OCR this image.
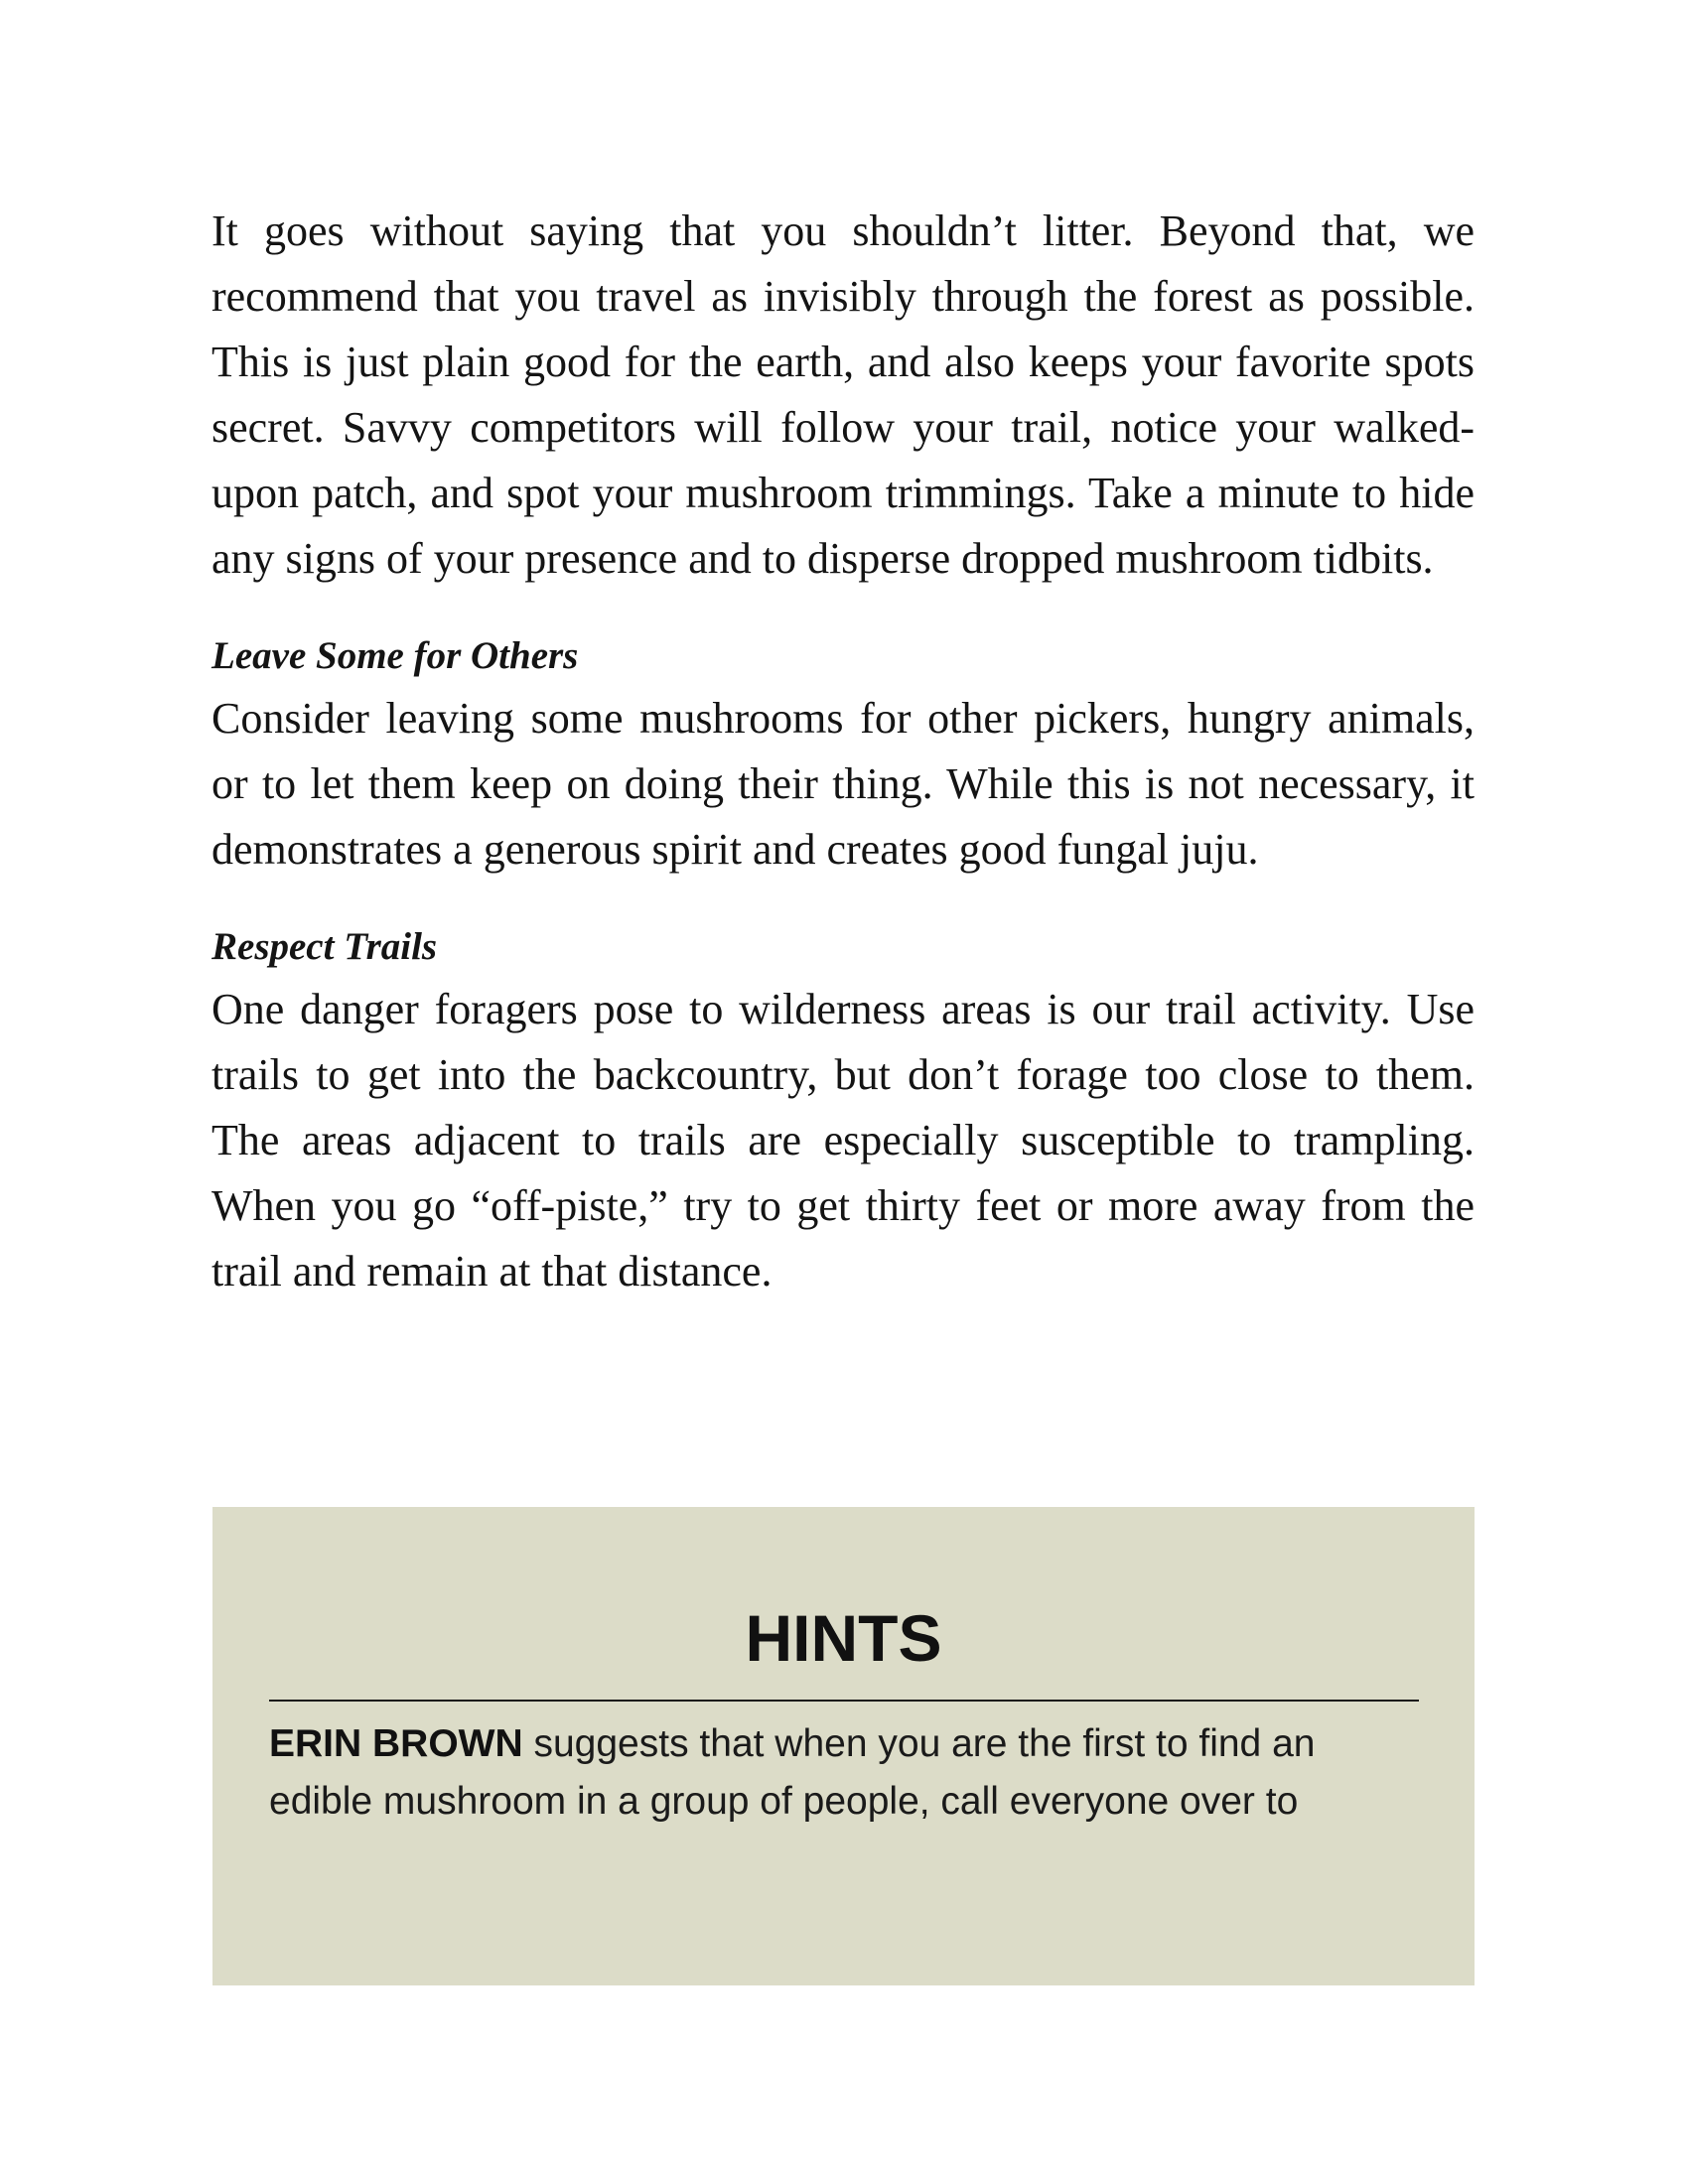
It goes without saying that you shouldn’t litter. Beyond that, we recommend that you travel as invisibly through the forest as possible. This is just plain good for the earth, and also keeps your favorite spots secret. Savvy competitors will follow your trail, notice your walked-upon patch, and spot your mushroom trimmings. Take a minute to hide any signs of your presence and to disperse dropped mushroom tidbits.

Leave Some for Others

Consider leaving some mushrooms for other pickers, hungry animals, or to let them keep on doing their thing. While this is not necessary, it demonstrates a generous spirit and creates good fungal juju.

Respect Trails

One danger foragers pose to wilderness areas is our trail activity. Use trails to get into the backcountry, but don’t forage too close to them. The areas adjacent to trails are especially susceptible to trampling. When you go “off-piste,” try to get thirty feet or more away from the trail and remain at that distance.

HINTS

ERIN BROWN suggests that when you are the first to find an edible mushroom in a group of people, call everyone over to
